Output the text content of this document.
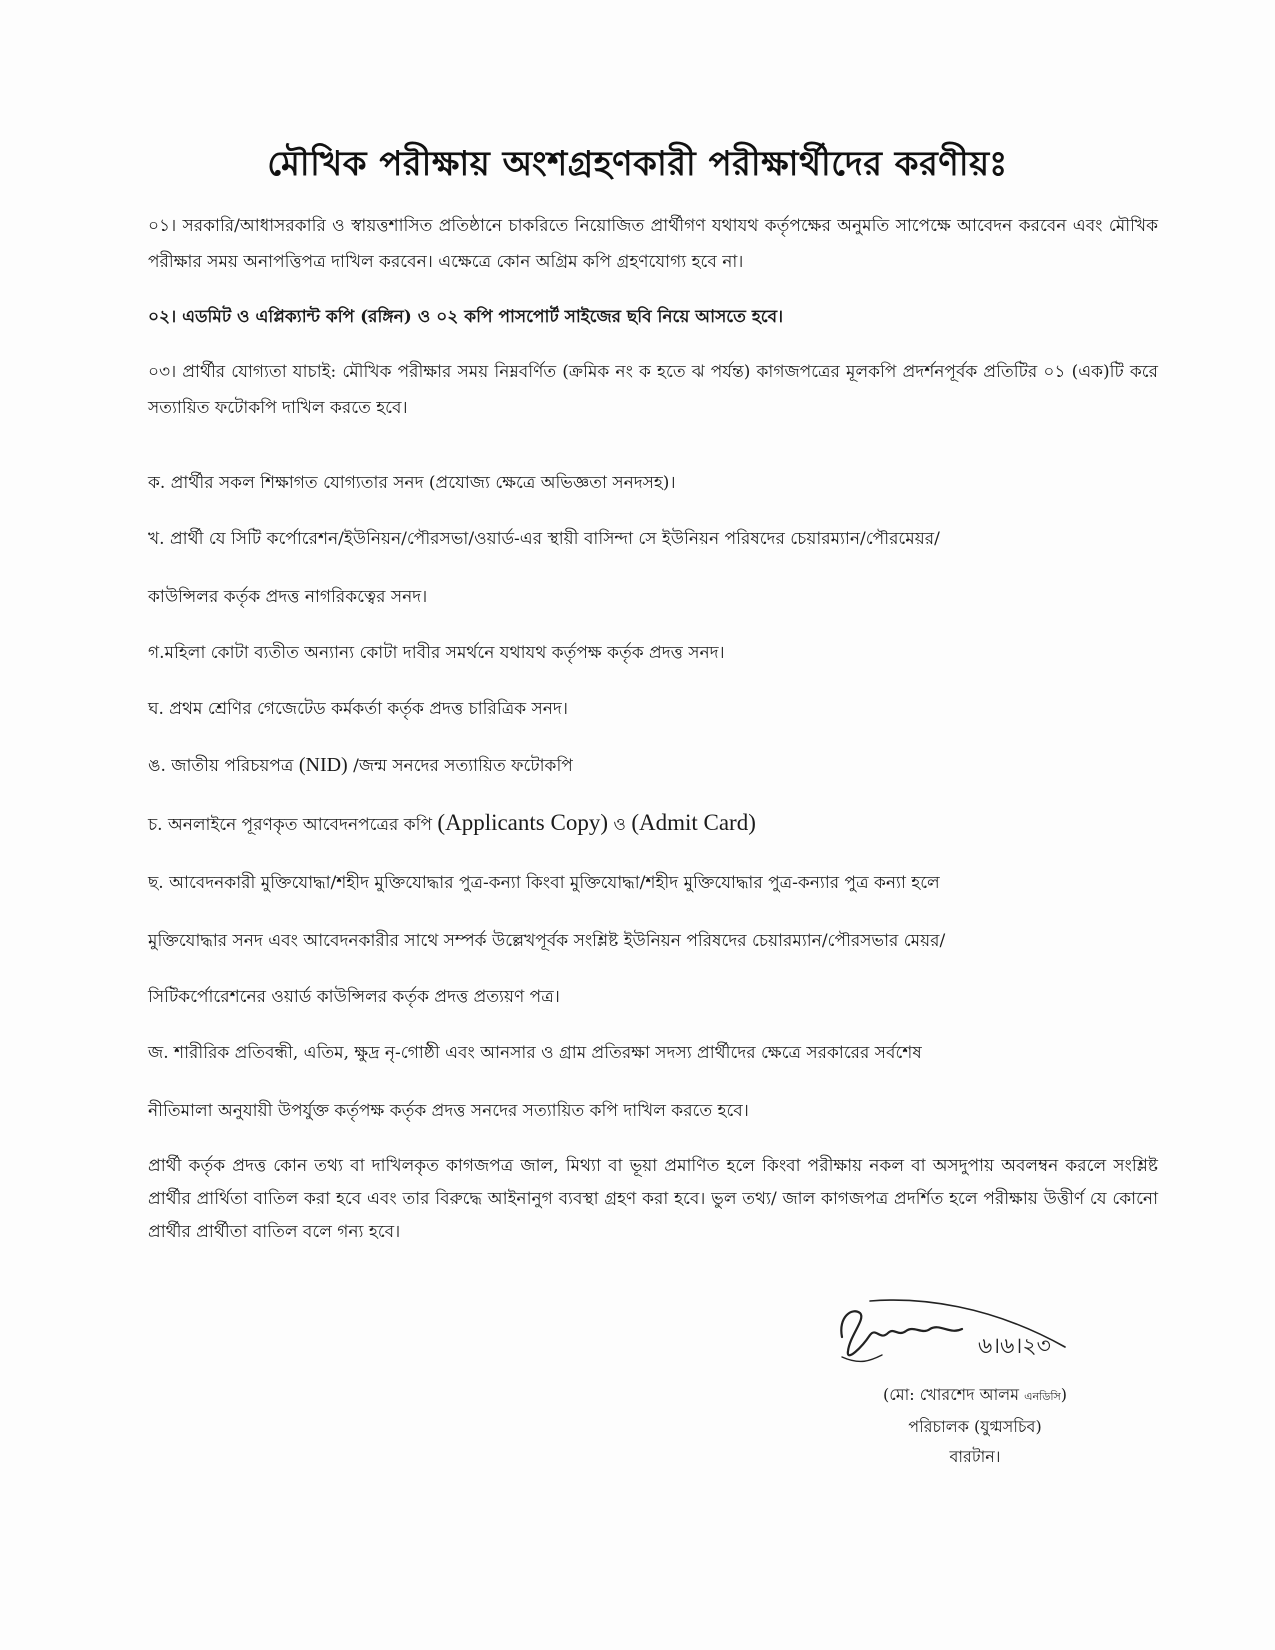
মৌখিক পরীক্ষায় অংশগ্রহণকারী পরীক্ষার্থীদের করণীয়ঃ
০১। সরকারি/আধাসরকারি ও স্বায়ত্তশাসিত প্রতিষ্ঠানে চাকরিতে নিয়োজিত প্রার্থীগণ যথাযথ কর্তৃপক্ষের অনুমতি সাপেক্ষে আবেদন করবেন এবং মৌখিক পরীক্ষার সময় অনাপত্তিপত্র দাখিল করবেন। এক্ষেত্রে কোন অগ্রিম কপি গ্রহণযোগ্য হবে না।
০২। এডমিট ও এপ্লিক্যান্ট কপি (রঙ্গিন) ও ০২ কপি পাসপোর্ট সাইজের ছবি নিয়ে আসতে হবে।
০৩। প্রার্থীর যোগ্যতা যাচাই: মৌখিক পরীক্ষার সময় নিম্নবর্ণিত (ক্রমিক নং ক হতে ঝ পর্যন্ত) কাগজপত্রের মূলকপি প্রদর্শনপূর্বক প্রতিটির ০১ (এক)টি করে সত্যায়িত ফটোকপি দাখিল করতে হবে।
ক. প্রার্থীর সকল শিক্ষাগত যোগ্যতার সনদ (প্রযোজ্য ক্ষেত্রে অভিজ্ঞতা সনদসহ)।
খ. প্রার্থী যে সিটি কর্পোরেশন/ইউনিয়ন/পৌরসভা/ওয়ার্ড-এর স্থায়ী বাসিন্দা সে ইউনিয়ন পরিষদের চেয়ারম্যান/পৌরমেয়র/
কাউন্সিলর কর্তৃক প্রদত্ত নাগরিকত্বের সনদ।
গ.মহিলা কোটা ব্যতীত অন্যান্য কোটা দাবীর সমর্থনে যথাযথ কর্তৃপক্ষ কর্তৃক প্রদত্ত সনদ।
ঘ. প্রথম শ্রেণির গেজেটেড কর্মকর্তা কর্তৃক প্রদত্ত চারিত্রিক সনদ।
ঙ. জাতীয় পরিচয়পত্র (NID) /জন্ম সনদের সত্যায়িত ফটোকপি
চ. অনলাইনে পূরণকৃত আবেদনপত্রের কপি (Applicants Copy) ও (Admit Card)
ছ. আবেদনকারী মুক্তিযোদ্ধা/শহীদ মুক্তিযোদ্ধার পুত্র-কন্যা কিংবা মুক্তিযোদ্ধা/শহীদ মুক্তিযোদ্ধার পুত্র-কন্যার পুত্র কন্যা হলে
মুক্তিযোদ্ধার সনদ এবং আবেদনকারীর সাথে সম্পর্ক উল্লেখপূর্বক সংশ্লিষ্ট ইউনিয়ন পরিষদের চেয়ারম্যান/পৌরসভার মেয়র/
সিটিকর্পোরেশনের ওয়ার্ড কাউন্সিলর কর্তৃক প্রদত্ত প্রত্যয়ণ পত্র।
জ. শারীরিক প্রতিবন্ধী, এতিম, ক্ষুদ্র নৃ-গোষ্ঠী এবং আনসার ও গ্রাম প্রতিরক্ষা সদস্য প্রার্থীদের ক্ষেত্রে সরকারের সর্বশেষ
নীতিমালা অনুযায়ী উপর্যুক্ত কর্তৃপক্ষ কর্তৃক প্রদত্ত সনদের সত্যায়িত কপি দাখিল করতে হবে।
প্রার্থী কর্তৃক প্রদত্ত কোন তথ্য বা দাখিলকৃত কাগজপত্র জাল, মিথ্যা বা ভূয়া প্রমাণিত হলে কিংবা পরীক্ষায় নকল বা অসদুপায় অবলম্বন করলে সংশ্লিষ্ট প্রার্থীর প্রার্থিতা বাতিল করা হবে এবং তার বিরুদ্ধে আইনানুগ ব্যবস্থা গ্রহণ করা হবে। ভুল তথ্য/ জাল কাগজপত্র প্রদর্শিত হলে পরীক্ষায় উত্তীর্ণ যে কোনো প্রার্থীর প্রার্থীতা বাতিল বলে গন্য হবে।
৬।৬।২৩
(মো: খোরশেদ আলম এনডিসি)
পরিচালক (যুগ্মসচিব)
বারটান।
